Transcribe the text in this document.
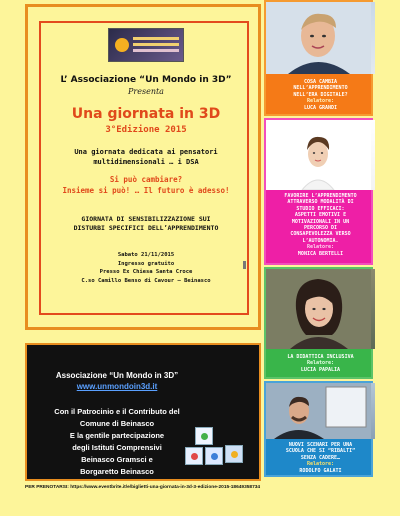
L’ Associazione “Un Mondo in 3D”
Presenta
Una giornata in 3D
3°Edizione 2015
Una giornata dedicata ai pensatori
multidimensionali … i DSA
Si può cambiare?
Insieme si può! … Il futuro è adesso!
GIORNATA DI SENSIBILIZZAZIONE SUI
DISTURBI SPECIFICI DELL’APPRENDIMENTO
Sabato 21/11/2015
Ingresso gratuito
Presso Ex Chiesa Santa Croce
C.so Camillo Benso di Cavour – Beinasco
Associazione “Un Mondo in 3D”
www.unmondoin3d.it
Con il Patrocinio e il Contributo del
Comune di Beinasco
E la gentile partecipazione
degli Istituti Comprensivi
Beinasco Gramsci e
Borgaretto Beinasco
PER PRENOTARSI: https://www.eventbrite.it/e/biglietti-una-giornata-in-3d-3-edizione-2015-18649358734
COSA CAMBIA
NELL’APPRENDIMENTO
NELL’ERA DIGITALE?
Relatore:
LUCA GRANDI
FAVORIRE L’APPRENDIMENTO
ATTRAVERSO MODALITÀ DI
STUDIO EFFICACI:
ASPETTI EMOTIVI E
MOTIVAZIONALI IN UN
PERCORSO DI
CONSAPEVOLEZZA VERSO
L’AUTONOMIA.
Relatore:
MONICA BERTELLI
LA DIDATTICA INCLUSIVA
Relatore:
LUCIA PAPALIA
NUOVI SCENARI PER UNA
SCUOLA CHE SI “RIBALTI”
SENZA CADERE…
Relatore:
RODOLFO GALATI
